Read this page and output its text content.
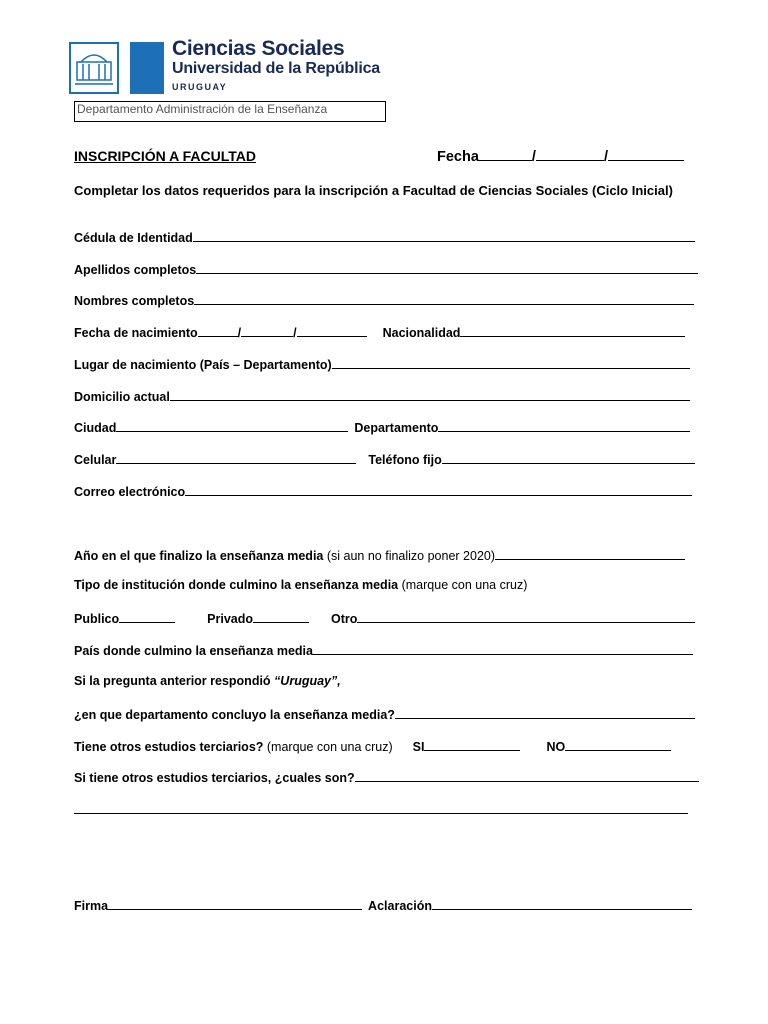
Ciencias Sociales
Universidad de la República
URUGUAY
Departamento Administración de la Enseñanza
INSCRIPCIÓN A FACULTAD	Fecha	/	/
Completar los datos requeridos para la inscripción a Facultad de Ciencias Sociales (Ciclo Inicial)
Cédula de Identidad
Apellidos completos
Nombres completos
Fecha de nacimiento	/	/	Nacionalidad
Lugar de nacimiento (País – Departamento)
Domicilio actual
Ciudad	Departamento
Celular	Teléfono fijo
Correo electrónico
Año en el que finalizo la enseñanza media (si aun no finalizo poner 2020)
Tipo de institución donde culmino la enseñanza media (marque con una cruz)
Publico	Privado	Otro
País donde culmino la enseñanza media
Si la pregunta anterior respondió “Uruguay”,
¿en que departamento concluyo la enseñanza media?
Tiene otros estudios terciarios? (marque con una cruz) SI	NO
Si tiene otros estudios terciarios, ¿cuales son?
Firma	Aclaración
